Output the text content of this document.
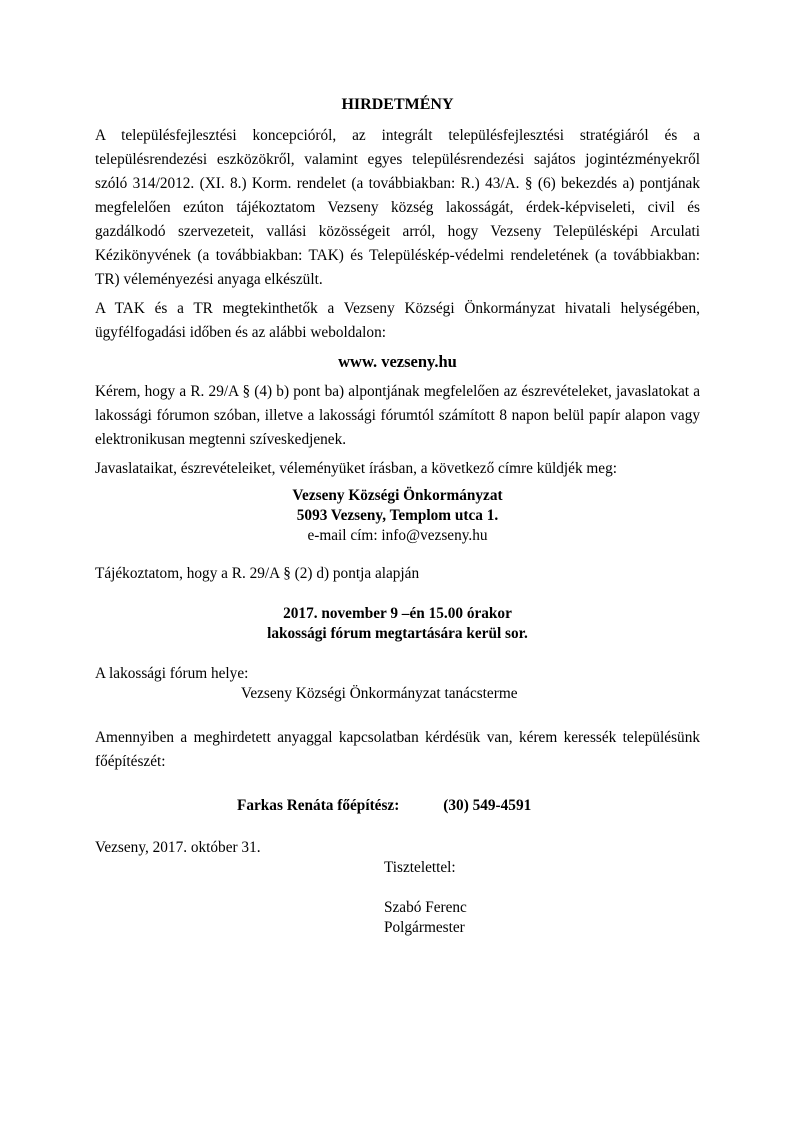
HIRDETMÉNY

A településfejlesztési koncepcióról, az integrált településfejlesztési stratégiáról és a településrendezési eszközökről, valamint egyes településrendezési sajátos jogintézményekről szóló 314/2012. (XI. 8.) Korm. rendelet (a továbbiakban: R.) 43/A. § (6) bekezdés a) pontjának megfelelően ezúton tájékoztatom Vezseny község lakosságát, érdek-képviseleti, civil és gazdálkodó szervezeteit, vallási közösségeit arról, hogy Vezseny Településképi Arculati Kézikönyvének (a továbbiakban: TAK) és Településkép-védelmi rendeletének (a továbbiakban: TR) véleményezési anyaga elkészült.

A TAK és a TR megtekinthetők a Vezseny Községi Önkormányzat hivatali helységében, ügyfélfogadási időben és az alábbi weboldalon:

www. vezseny.hu

Kérem, hogy a R. 29/A § (4) b) pont ba) alpontjának megfelelően az észrevételeket, javaslatokat a lakossági fórumon szóban, illetve a lakossági fórumtól számított 8 napon belül papír alapon vagy elektronikusan megtenni szíveskedjenek.

Javaslataikat, észrevételeiket, véleményüket írásban, a következő címre küldjék meg:

Vezseny Községi Önkormányzat
5093 Vezseny, Templom utca 1.
e-mail cím: info@vezseny.hu

Tájékoztatom, hogy a R. 29/A § (2) d) pontja alapján

2017. november 9 –én 15.00 órakor
lakossági fórum megtartására kerül sor.

A lakossági fórum helye:

Vezseny Községi Önkormányzat tanácsterme

Amennyiben a meghirdetett anyaggal kapcsolatban kérdésük van, kérem keressék településünk főépítészét:

Farkas Renáta főépítész:	(30) 549-4591

Vezseny, 2017. október 31.

Tisztelettel:

Szabó Ferenc

Polgármester
